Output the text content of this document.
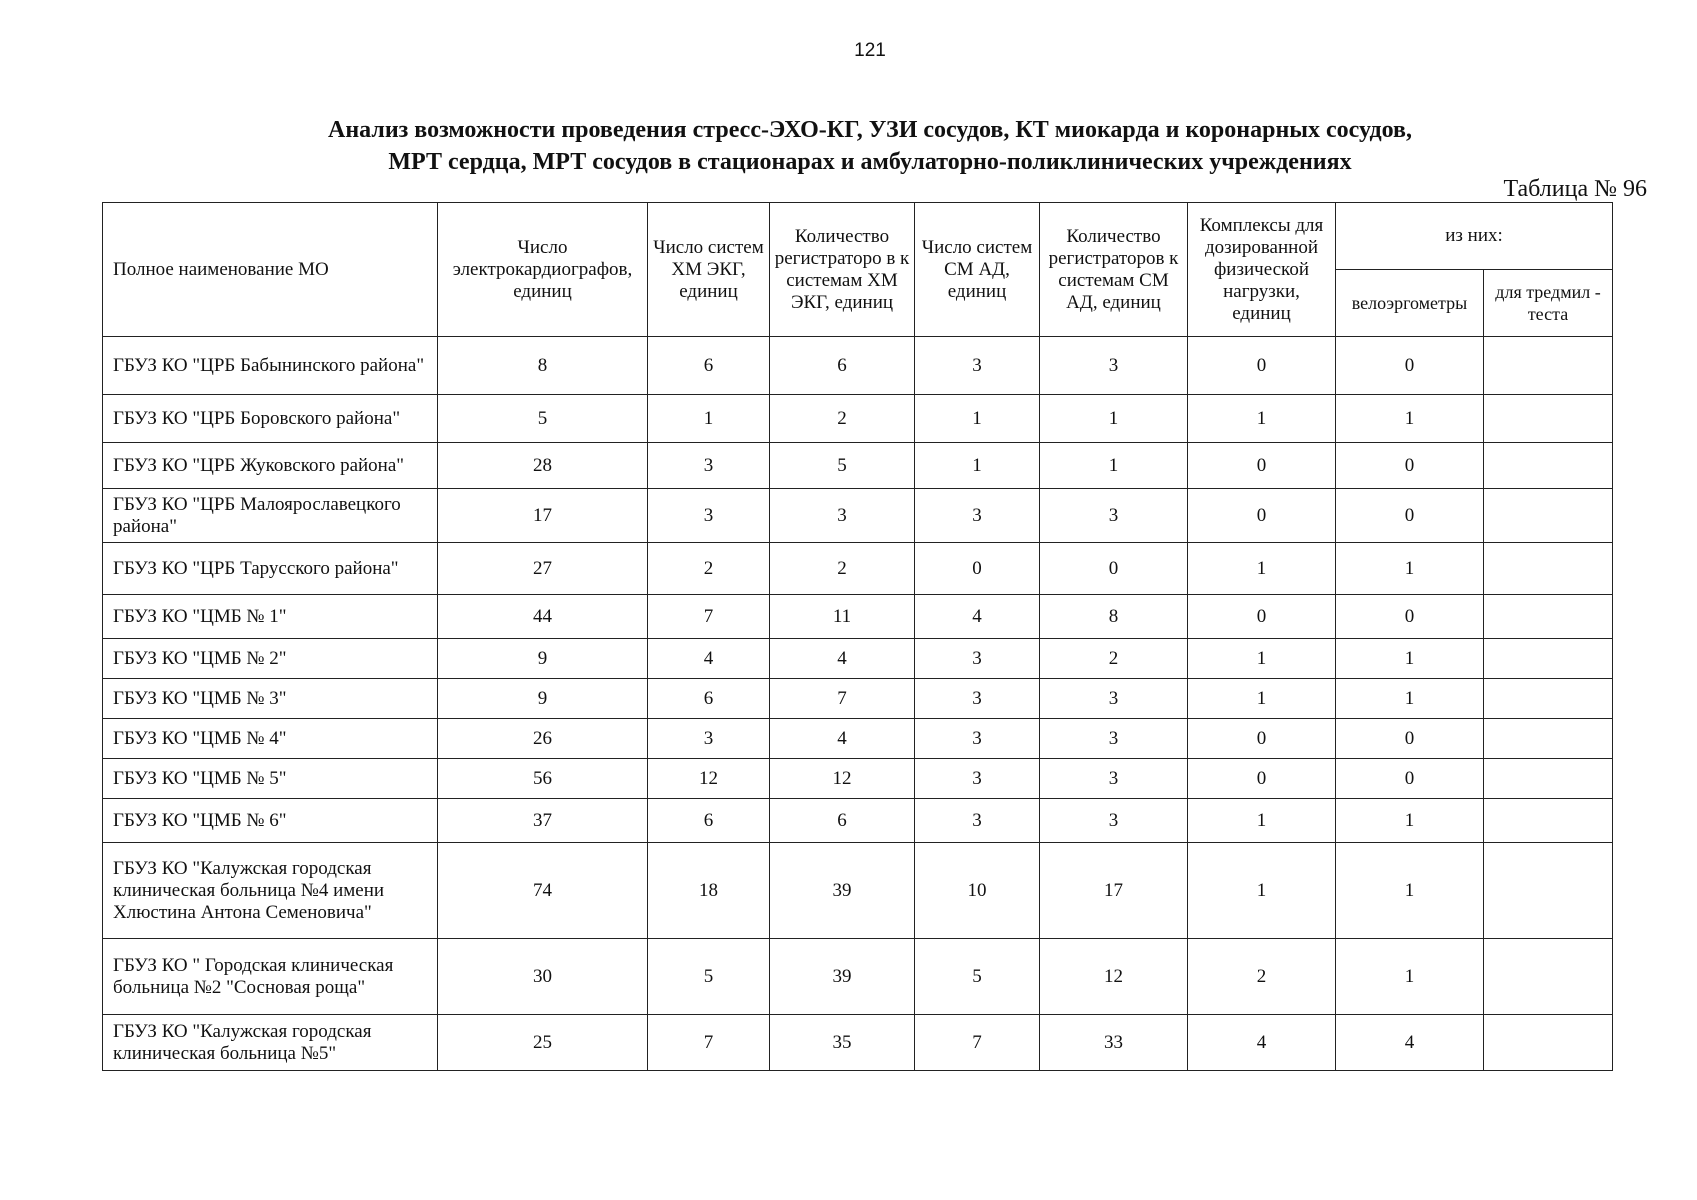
121
Анализ возможности проведения стресс-ЭХО-КГ, УЗИ сосудов, КТ миокарда и коронарных сосудов,
МРТ сердца, МРТ сосудов в стационарах и амбулаторно-поликлинических учреждениях
Таблица № 96
Полное наименование МО	Число электрокардиографов, единиц	Число систем ХМ ЭКГ, единиц	Количество регистраторо в к системам ХМ ЭКГ, единиц	Число систем СМ АД, единиц	Количество регистраторов к системам СМ АД, единиц	Комплексы для дозированной физической нагрузки, единиц	из них:	
							велоэргометры	для тредмил - теста
ГБУЗ КО "ЦРБ Бабынинского района"	8	6	6	3	3	0	0	
ГБУЗ КО "ЦРБ Боровского района"	5	1	2	1	1	1	1	
ГБУЗ КО "ЦРБ Жуковского района"	28	3	5	1	1	0	0	
ГБУЗ КО "ЦРБ Малоярославецкого района"	17	3	3	3	3	0	0	
ГБУЗ КО "ЦРБ Тарусского района"	27	2	2	0	0	1	1	
ГБУЗ КО "ЦМБ № 1"	44	7	11	4	8	0	0	
ГБУЗ КО "ЦМБ № 2"	9	4	4	3	2	1	1	
ГБУЗ КО "ЦМБ № 3"	9	6	7	3	3	1	1	
ГБУЗ КО "ЦМБ № 4"	26	3	4	3	3	0	0	
ГБУЗ КО "ЦМБ № 5"	56	12	12	3	3	0	0	
ГБУЗ КО "ЦМБ № 6"	37	6	6	3	3	1	1	
ГБУЗ КО "Калужская городская клиническая больница №4 имени Хлюстина Антона Семеновича"	74	18	39	10	17	1	1	
ГБУЗ КО " Городская клиническая больница №2 "Сосновая роща"	30	5	39	5	12	2	1	
ГБУЗ КО "Калужская городская клиническая больница №5"	25	7	35	7	33	4	4	
